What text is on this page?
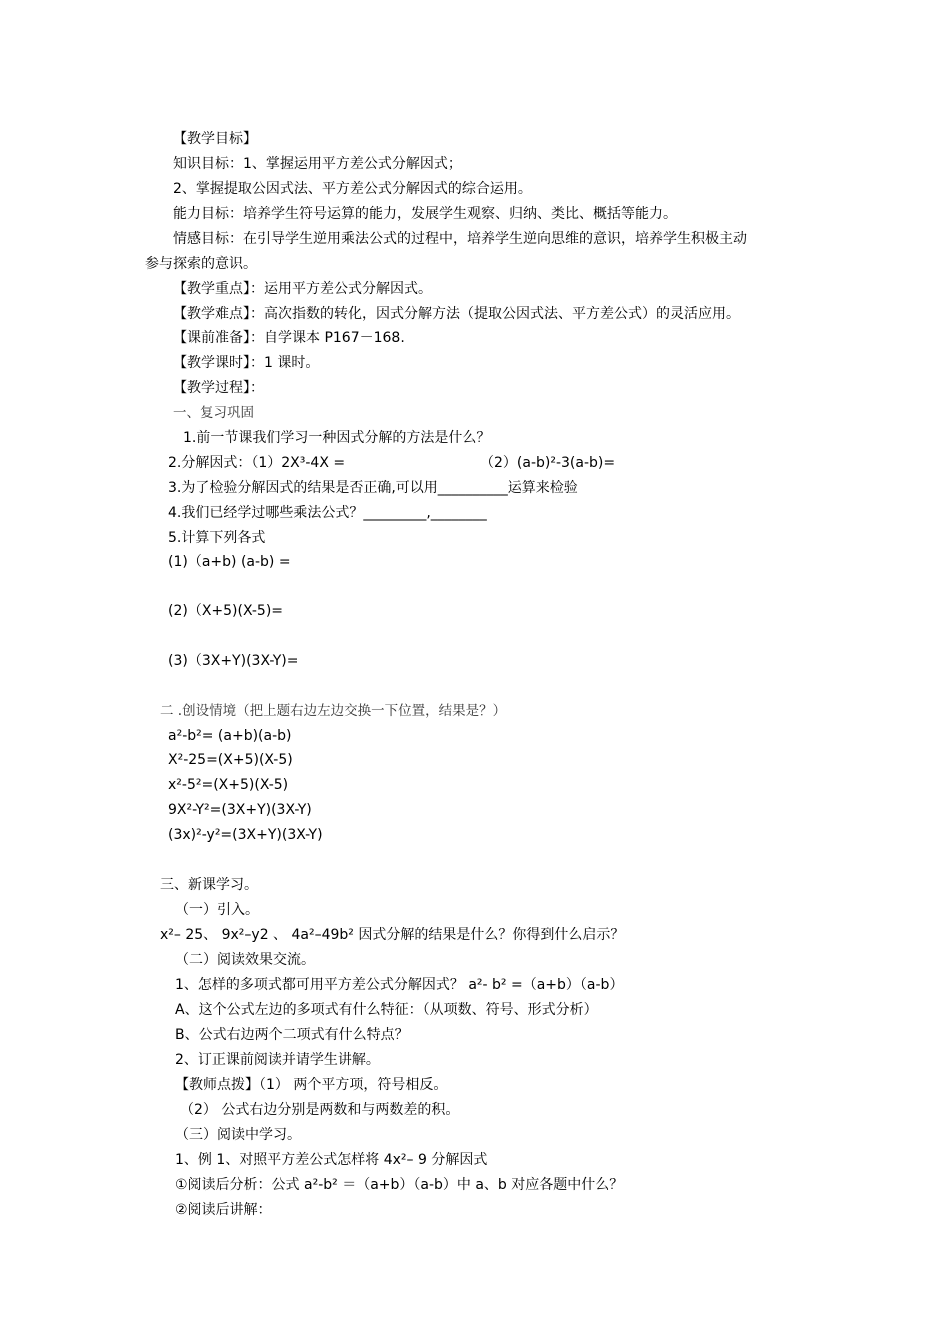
【教学目标】
知识目标：1、掌握运用平方差公式分解因式；
2、掌握提取公因式法、平方差公式分解因式的综合运用。
能力目标：培养学生符号运算的能力，发展学生观察、归纳、类比、概括等能力。
情感目标：在引导学生逆用乘法公式的过程中，培养学生逆向思维的意识，培养学生积极主动
参与探索的意识。
【教学重点】：运用平方差公式分解因式。
【教学难点】：高次指数的转化，因式分解方法（提取公因式法、平方差公式）的灵活应用。
【课前准备】：自学课本 P167－168.
【教学课时】：1 课时。
【教学过程】：
一、复习巩固
1.前一节课我们学习一种因式分解的方法是什么？
2.分解因式：（1）2X³-4X =	（2）(a-b)²-3(a-b)=
3.为了检验分解因式的结果是否正确,可以用__________运算来检验
4.我们已经学过哪些乘法公式？_________,________
5.计算下列各式
(1)（a+b) (a-b) =
(2)（X+5)(X-5)=
(3)（3X+Y)(3X-Y)=
二 .创设情境（把上题右边左边交换一下位置，结果是？）
a²-b²= (a+b)(a-b)
X²-25=(X+5)(X-5)
x²-5²=(X+5)(X-5)
9X²-Y²=(3X+Y)(3X-Y)
(3x)²-y²=(3X+Y)(3X-Y)
三、新课学习。
（一）引入。
x²– 25、 9x²–y2 、 4a²–49b² 因式分解的结果是什么？你得到什么启示？
（二）阅读效果交流。
1、怎样的多项式都可用平方差公式分解因式？ a²- b² =（a+b）（a-b）
A、这个公式左边的多项式有什么特征：（从项数、符号、形式分析）
B、公式右边两个二项式有什么特点？
2、订正课前阅读并请学生讲解。
【教师点拨】（1） 两个平方项，符号相反。
（2） 公式右边分别是两数和与两数差的积。
（三）阅读中学习。
1、例 1、对照平方差公式怎样将 4x²– 9 分解因式
①阅读后分析：公式 a²-b² ＝（a+b）（a-b）中 a、b 对应各题中什么？
②阅读后讲解：
